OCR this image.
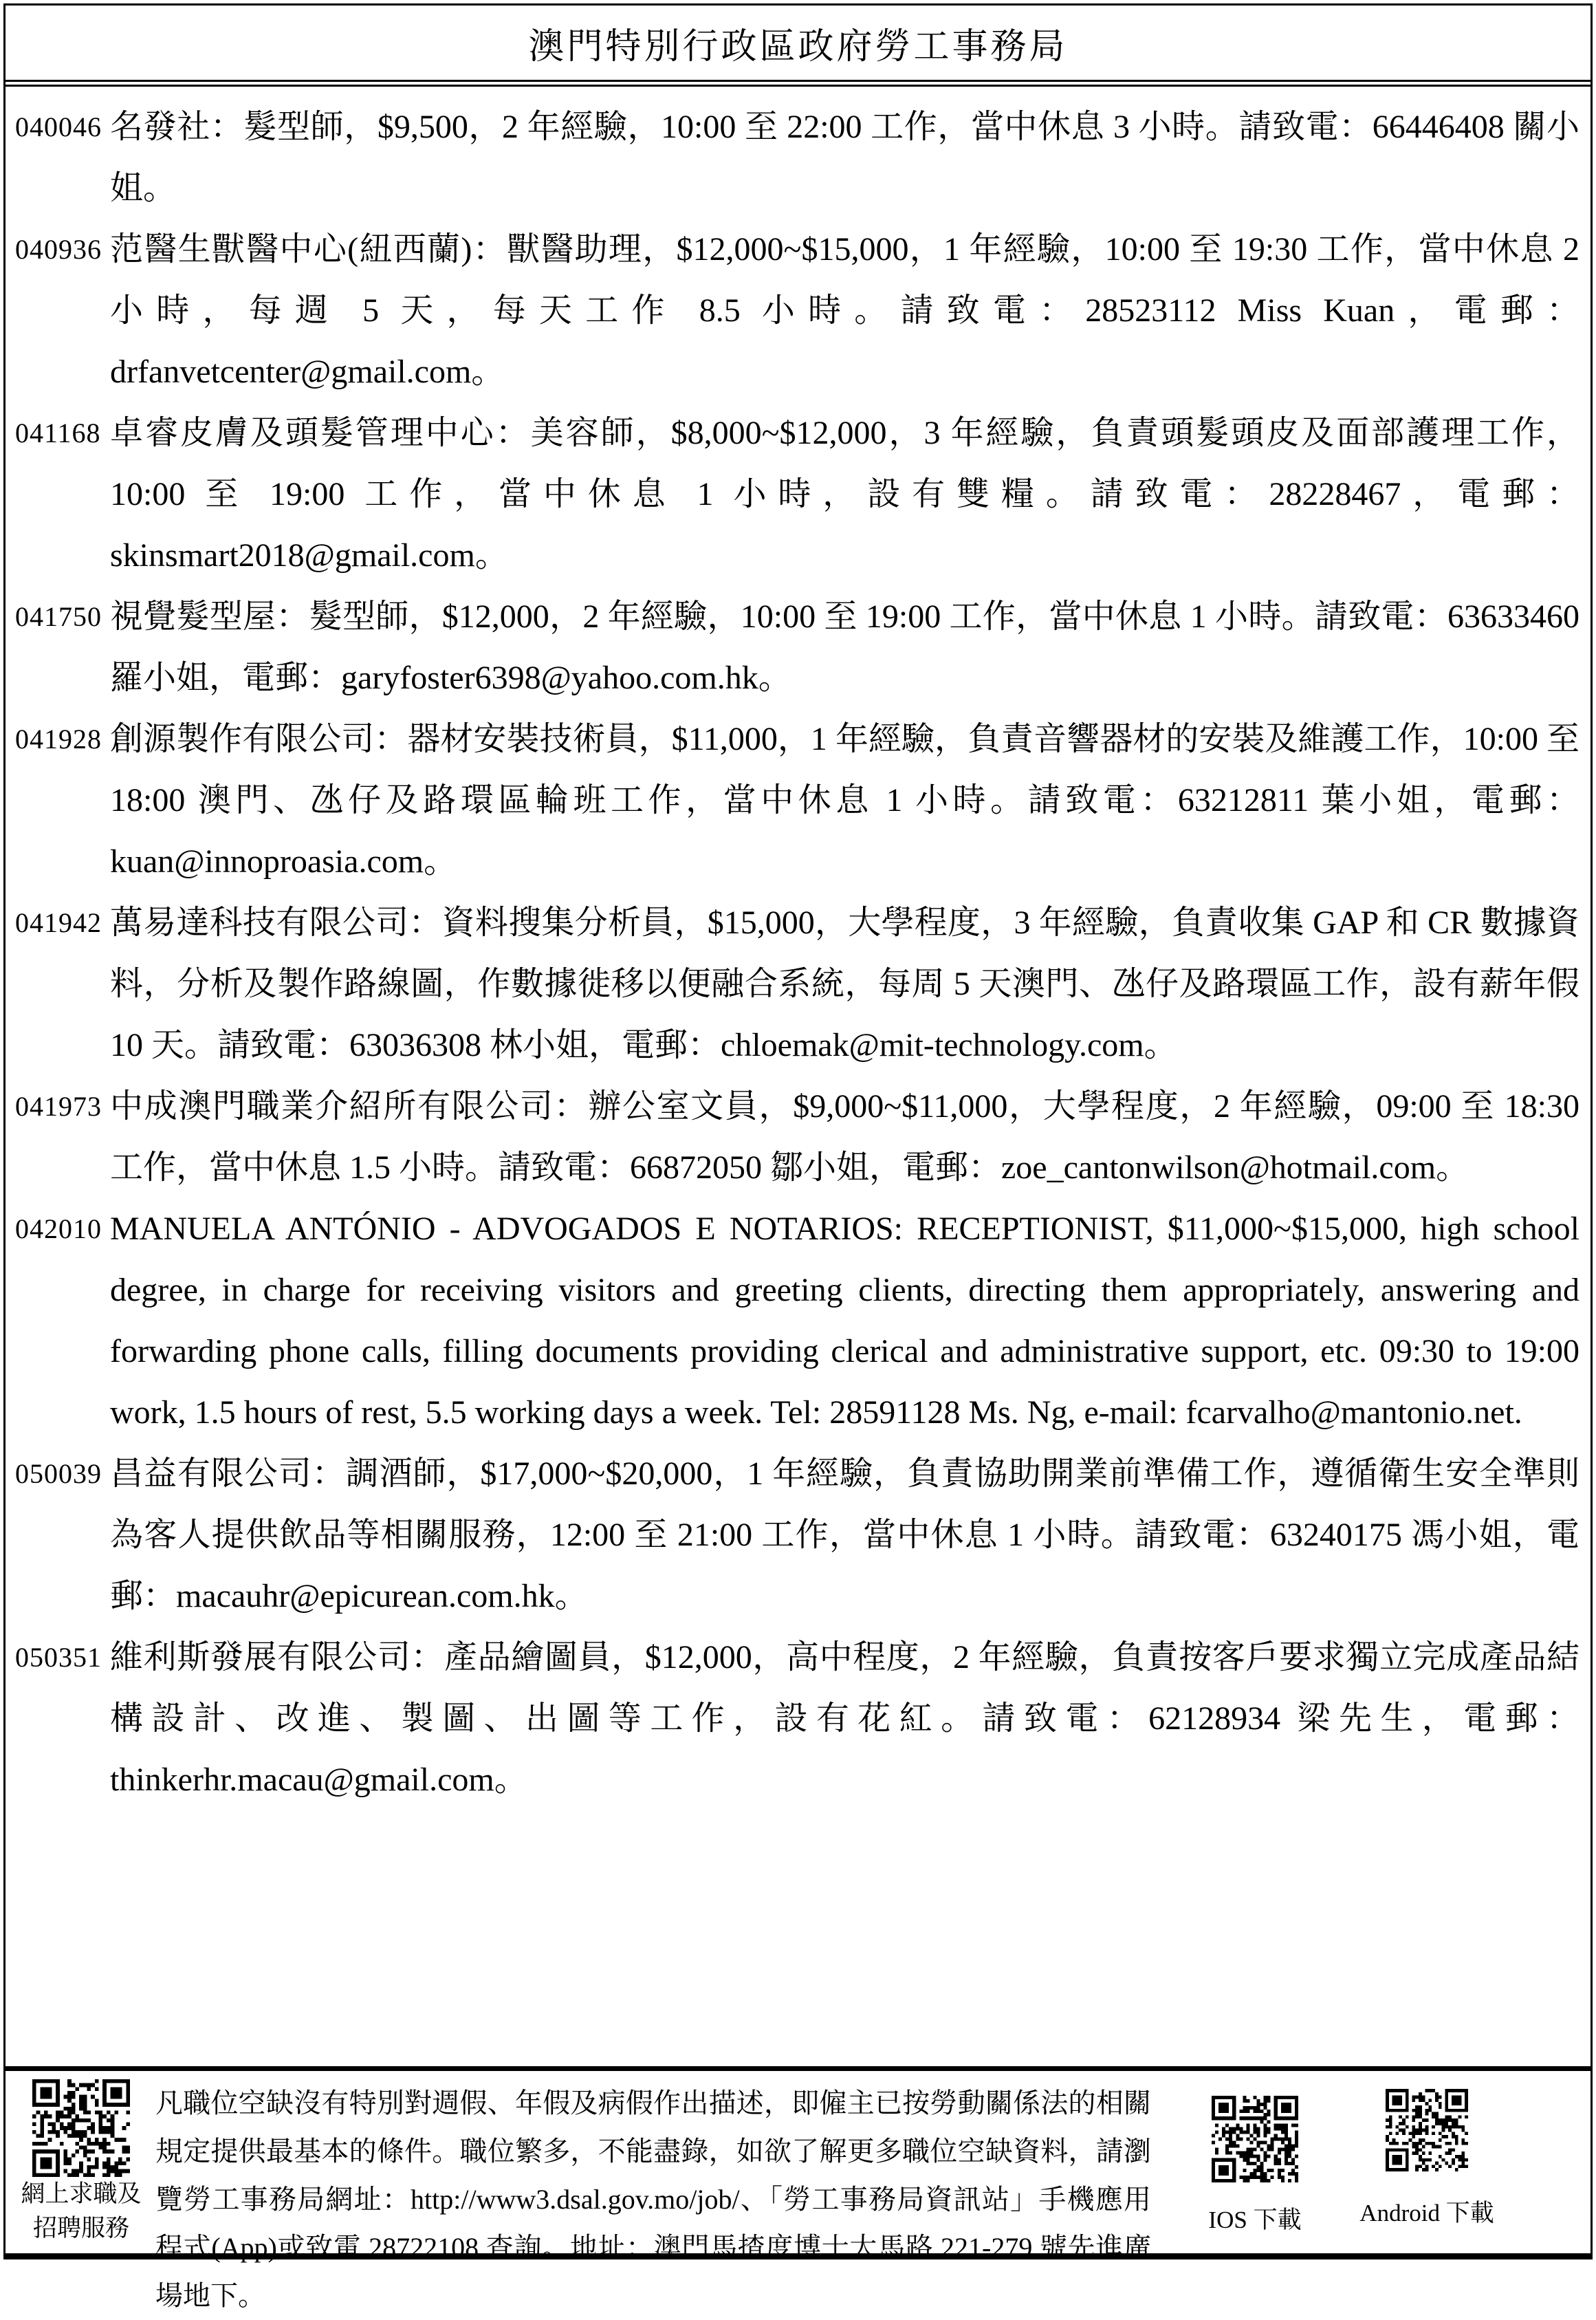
澳門特別行政區政府勞工事務局
040046 名發社：髮型師，$9,500，2 年經驗，10:00 至 22:00 工作，當中休息 3 小時。請致電：66446408 關小姐。
040936 范醫生獸醫中心(紐西蘭)：獸醫助理，$12,000~$15,000，1 年經驗，10:00 至 19:30 工作，當中休息 2 小時，每週 5 天，每天工作 8.5 小時。請致電：28523112 Miss Kuan，電郵：drfanvetcenter@gmail.com。
041168 卓睿皮膚及頭髮管理中心：美容師，$8,000~$12,000，3 年經驗，負責頭髮頭皮及面部護理工作，10:00 至 19:00 工作，當中休息 1 小時，設有雙糧。請致電：28228467，電郵：skinsmart2018@gmail.com。
041750 視覺髮型屋：髮型師，$12,000，2 年經驗，10:00 至 19:00 工作，當中休息 1 小時。請致電：63633460 羅小姐，電郵：garyfoster6398@yahoo.com.hk。
041928 創源製作有限公司：器材安裝技術員，$11,000，1 年經驗，負責音響器材的安裝及維護工作，10:00 至 18:00 澳門、氹仔及路環區輪班工作，當中休息 1 小時。請致電：63212811 葉小姐，電郵：kuan@innoproasia.com。
041942 萬易達科技有限公司：資料搜集分析員，$15,000，大學程度，3 年經驗，負責收集 GAP 和 CR 數據資料，分析及製作路線圖，作數據徙移以便融合系統，每周 5 天澳門、氹仔及路環區工作，設有薪年假 10 天。請致電：63036308 林小姐，電郵：chloemak@mit-technology.com。
041973 中成澳門職業介紹所有限公司：辦公室文員，$9,000~$11,000，大學程度，2 年經驗，09:00 至 18:30 工作，當中休息 1.5 小時。請致電：66872050 鄒小姐，電郵：zoe_cantonwilson@hotmail.com。
042010 MANUELA ANTÓNIO - ADVOGADOS E NOTARIOS: RECEPTIONIST, $11,000~$15,000, high school degree, in charge for receiving visitors and greeting clients, directing them appropriately, answering and forwarding phone calls, filling documents providing clerical and administrative support, etc. 09:30 to 19:00 work, 1.5 hours of rest, 5.5 working days a week. Tel: 28591128 Ms. Ng, e-mail: fcarvalho@mantonio.net.
050039 昌益有限公司：調酒師，$17,000~$20,000，1 年經驗，負責協助開業前準備工作，遵循衛生安全準則為客人提供飲品等相關服務，12:00 至 21:00 工作，當中休息 1 小時。請致電：63240175 馮小姐，電郵：macauhr@epicurean.com.hk。
050351 維利斯發展有限公司：產品繪圖員，$12,000，高中程度，2 年經驗，負責按客戶要求獨立完成產品結構設計、改進、製圖、出圖等工作，設有花紅。請致電：62128934 梁先生，電郵：thinkerhr.macau@gmail.com。
網上求職及
招聘服務
凡職位空缺沒有特別對週假、年假及病假作出描述，即僱主已按勞動關係法的相關規定提供最基本的條件。職位繁多，不能盡錄，如欲了解更多職位空缺資料，請瀏覽勞工事務局網址：http://www3.dsal.gov.mo/job/、「勞工事務局資訊站」手機應用程式(App)或致電 28722108 查詢。地址：澳門馬揸度博士大馬路 221-279 號先進廣場地下。
IOS 下載 Android 下載
